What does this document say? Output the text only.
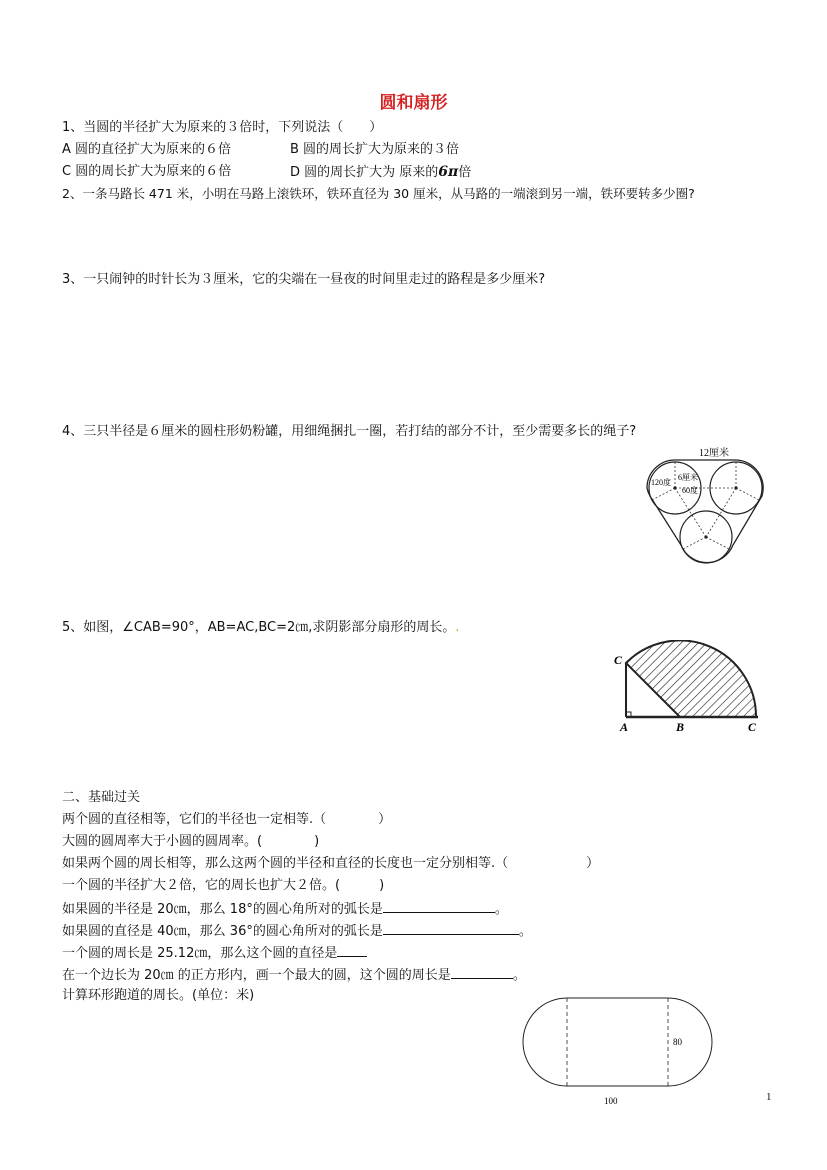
圆和扇形
1、当圆的半径扩大为原来的３倍时，下列说法（　　）
A 圆的直径扩大为原来的６倍	B 圆的周长扩大为原来的３倍
C 圆的周长扩大为原来的６倍	D 圆的周长扩大为 原来的6π倍
2、一条马路长 471 米，小明在马路上滚铁环，铁环直径为 30 厘米，从马路的一端滚到另一端，铁环要转多少圈?
3、一只闹钟的时针长为３厘米，它的尖端在一昼夜的时间里走过的路程是多少厘米?
4、三只半径是６厘米的圆柱形奶粉罐，用细绳捆扎一圈，若打结的部分不计，至少需要多长的绳子?
12厘米
6厘米
60度
120度
5、如图，∠CAB=90°，AB=AC,BC=2㎝,求阴影部分扇形的周长。.
C
A	B	C
二、基础过关
两个圆的直径相等，它们的半径也一定相等.（　　　　）
大圆的圆周率大于小圆的圆周率。(　　　　)
如果两个圆的周长相等，那么这两个圆的半径和直径的长度也一定分别相等.（　　　　　　）
一个圆的半径扩大２倍，它的周长也扩大２倍。(　　　)
如果圆的半径是 20㎝，那么 18°的圆心角所对的弧长是	。
如果圆的直径是 40㎝，那么 36°的圆心角所对的弧长是	。
一个圆的周长是 25.12㎝，那么这个圆的直径是
在一个边长为 20㎝ 的正方形内，画一个最大的圆，这个圆的周长是	。
计算环形跑道的周长。(单位：米)
80
100	1
